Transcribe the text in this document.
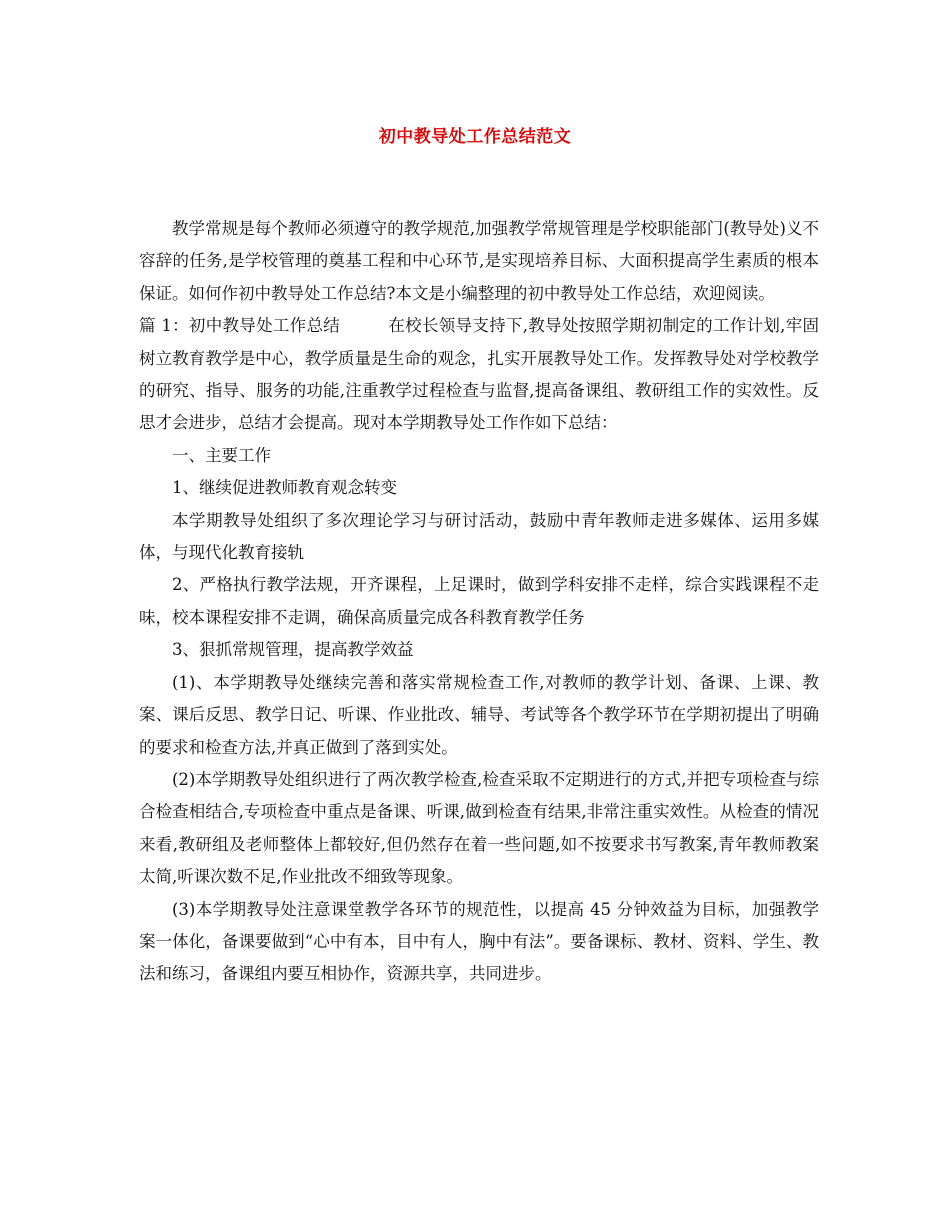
初中教导处工作总结范文

教学常规是每个教师必须遵守的教学规范,加强教学常规管理是学校职能部门(教导处)义不容辞的任务,是学校管理的奠基工程和中心环节,是实现培养目标、大面积提高学生素质的根本保证。如何作初中教导处工作总结?本文是小编整理的初中教导处工作总结，欢迎阅读。

篇 1：初中教导处工作总结	在校长领导支持下,教导处按照学期初制定的工作计划,牢固树立教育教学是中心，教学质量是生命的观念，扎实开展教导处工作。发挥教导处对学校教学的研究、指导、服务的功能,注重教学过程检查与监督,提高备课组、教研组工作的实效性。反思才会进步，总结才会提高。现对本学期教导处工作作如下总结：

一、主要工作

1、继续促进教师教育观念转变

本学期教导处组织了多次理论学习与研讨活动，鼓励中青年教师走进多媒体、运用多媒体，与现代化教育接轨

2、严格执行教学法规，开齐课程，上足课时，做到学科安排不走样，综合实践课程不走味，校本课程安排不走调，确保高质量完成各科教育教学任务

3、狠抓常规管理，提高教学效益

(1)、本学期教导处继续完善和落实常规检查工作,对教师的教学计划、备课、上课、教案、课后反思、教学日记、听课、作业批改、辅导、考试等各个教学环节在学期初提出了明确的要求和检查方法,并真正做到了落到实处。

(2)本学期教导处组织进行了两次教学检查,检查采取不定期进行的方式,并把专项检查与综合检查相结合,专项检查中重点是备课、听课,做到检查有结果,非常注重实效性。从检查的情况来看,教研组及老师整体上都较好,但仍然存在着一些问题,如不按要求书写教案,青年教师教案太简,听课次数不足,作业批改不细致等现象。

(3)本学期教导处注意课堂教学各环节的规范性，以提高 45 分钟效益为目标，加强教学案一体化，备课要做到“心中有本，目中有人，胸中有法”。要备课标、教材、资料、学生、教法和练习，备课组内要互相协作，资源共享，共同进步。
